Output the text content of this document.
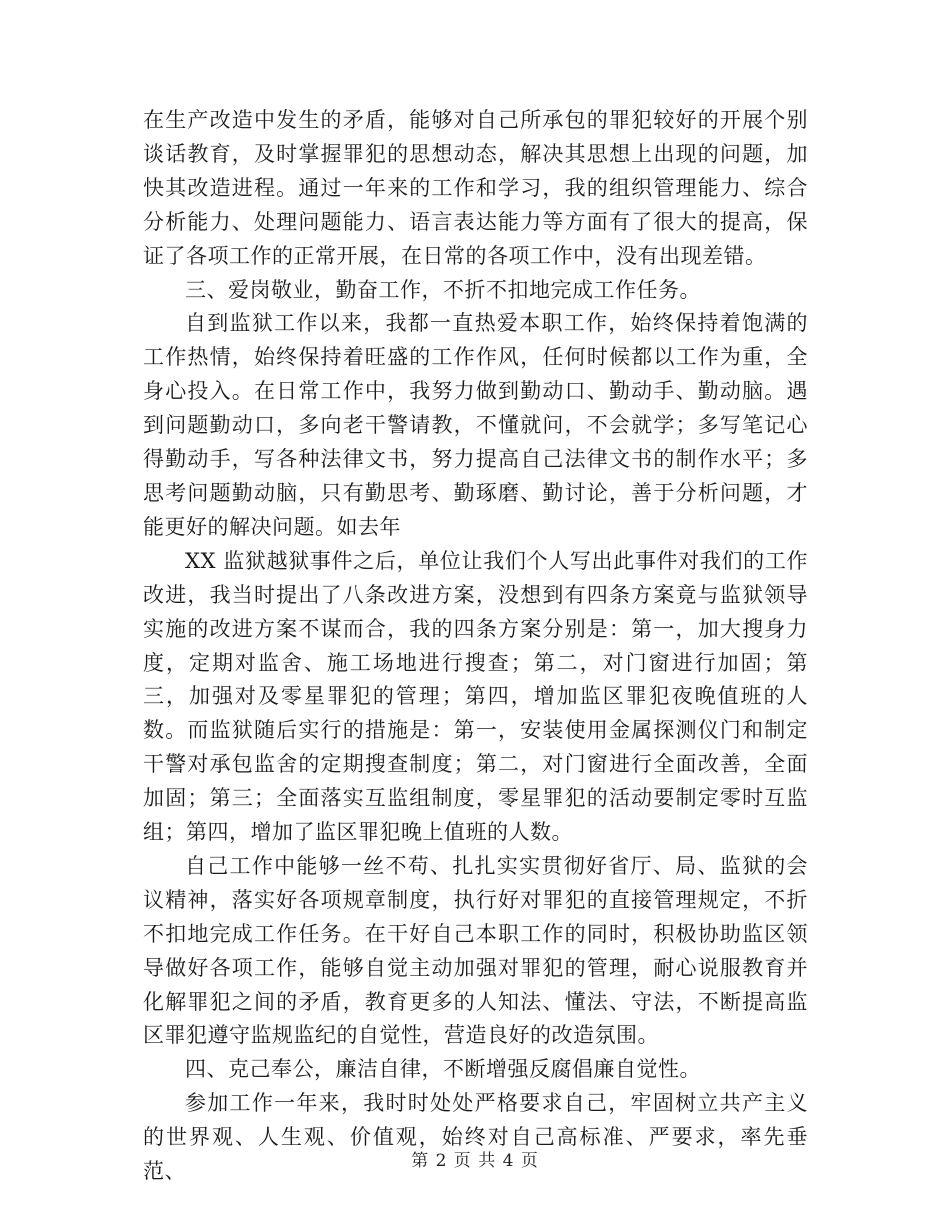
在生产改造中发生的矛盾，能够对自己所承包的罪犯较好的开展个别谈话教育，及时掌握罪犯的思想动态，解决其思想上出现的问题，加快其改造进程。通过一年来的工作和学习，我的组织管理能力、综合分析能力、处理问题能力、语言表达能力等方面有了很大的提高，保证了各项工作的正常开展，在日常的各项工作中，没有出现差错。

三、爱岗敬业，勤奋工作，不折不扣地完成工作任务。

自到监狱工作以来，我都一直热爱本职工作，始终保持着饱满的工作热情，始终保持着旺盛的工作作风，任何时候都以工作为重，全身心投入。在日常工作中，我努力做到勤动口、勤动手、勤动脑。遇到问题勤动口，多向老干警请教，不懂就问，不会就学；多写笔记心得勤动手，写各种法律文书，努力提高自己法律文书的制作水平；多思考问题勤动脑，只有勤思考、勤琢磨、勤讨论，善于分析问题，才能更好的解决问题。如去年

XX 监狱越狱事件之后，单位让我们个人写出此事件对我们的工作改进，我当时提出了八条改进方案，没想到有四条方案竟与监狱领导实施的改进方案不谋而合，我的四条方案分别是：第一，加大搜身力度，定期对监舍、施工场地进行搜查；第二，对门窗进行加固；第三，加强对及零星罪犯的管理；第四，增加监区罪犯夜晚值班的人数。而监狱随后实行的措施是：第一，安装使用金属探测仪门和制定干警对承包监舍的定期搜查制度；第二，对门窗进行全面改善，全面加固；第三；全面落实互监组制度，零星罪犯的活动要制定零时互监组；第四，增加了监区罪犯晚上值班的人数。

自己工作中能够一丝不苟、扎扎实实贯彻好省厅、局、监狱的会议精神，落实好各项规章制度，执行好对罪犯的直接管理规定，不折不扣地完成工作任务。在干好自己本职工作的同时，积极协助监区领导做好各项工作，能够自觉主动加强对罪犯的管理，耐心说服教育并化解罪犯之间的矛盾，教育更多的人知法、懂法、守法，不断提高监区罪犯遵守监规监纪的自觉性，营造良好的改造氛围。

四、克己奉公，廉洁自律，不断增强反腐倡廉自觉性。

参加工作一年来，我时时处处严格要求自己，牢固树立共产主义的世界观、人生观、价值观，始终对自己高标准、严要求，率先垂范、	第 2 页 共 4 页
